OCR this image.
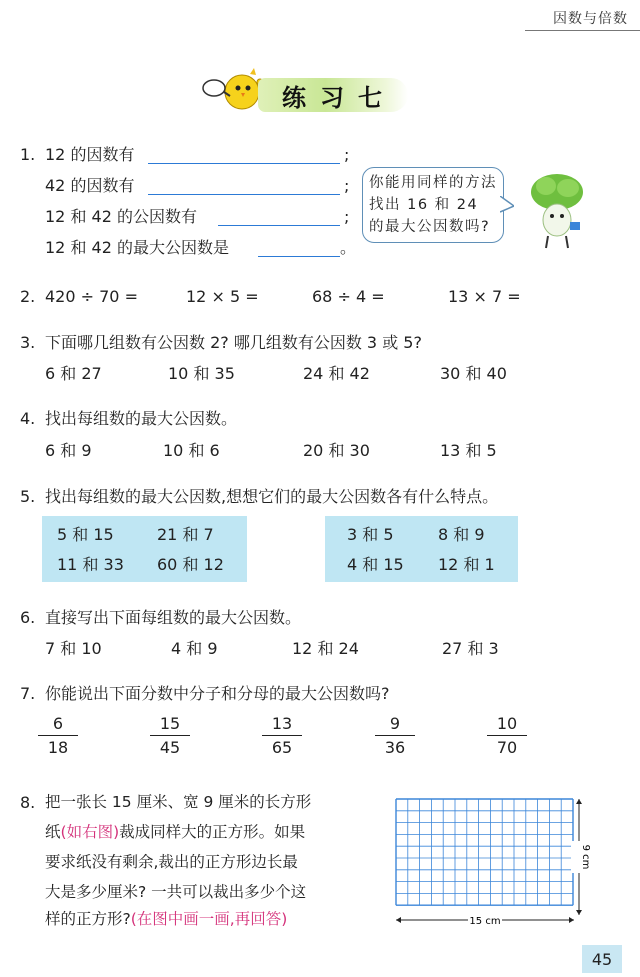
因数与倍数
练习七
1. 12 的因数有	;
42 的因数有	;
12 和 42 的公因数有	;
12 和 42 的最大公因数是	。
你能用同样的方法找出 16 和 24 的最大公因数吗?
2. 420 ÷ 70 =	12 × 5 =	68 ÷ 4 =	13 × 7 =
3. 下面哪几组数有公因数 2? 哪几组数有公因数 3 或 5?
6 和 27	10 和 35	24 和 42	30 和 40
4. 找出每组数的最大公因数。
6 和 9	10 和 6	20 和 30	13 和 5
5. 找出每组数的最大公因数,想想它们的最大公因数各有什么特点。
5 和 15	21 和 7
11 和 33 60 和 12
3 和 5	8 和 9
4 和 15 12 和 1
6. 直接写出下面每组数的最大公因数。
7 和 10	4 和 9	12 和 24	27 和 3
7. 你能说出下面分数中分子和分母的最大公因数吗?
$\frac{6}{18}$	$\frac{15}{45}$	$\frac{13}{65}$	$\frac{9}{36}$	$\frac{10}{70}$
8. 把一张长 15 厘米、宽 9 厘米的长方形
纸(如右图)裁成同样大的正方形。如果
要求纸没有剩余,裁出的正方形边长最
大是多少厘米? 一共可以裁出多少个这
样的正方形?(在图中画一画,再回答)	15 cm
9 cm
45
